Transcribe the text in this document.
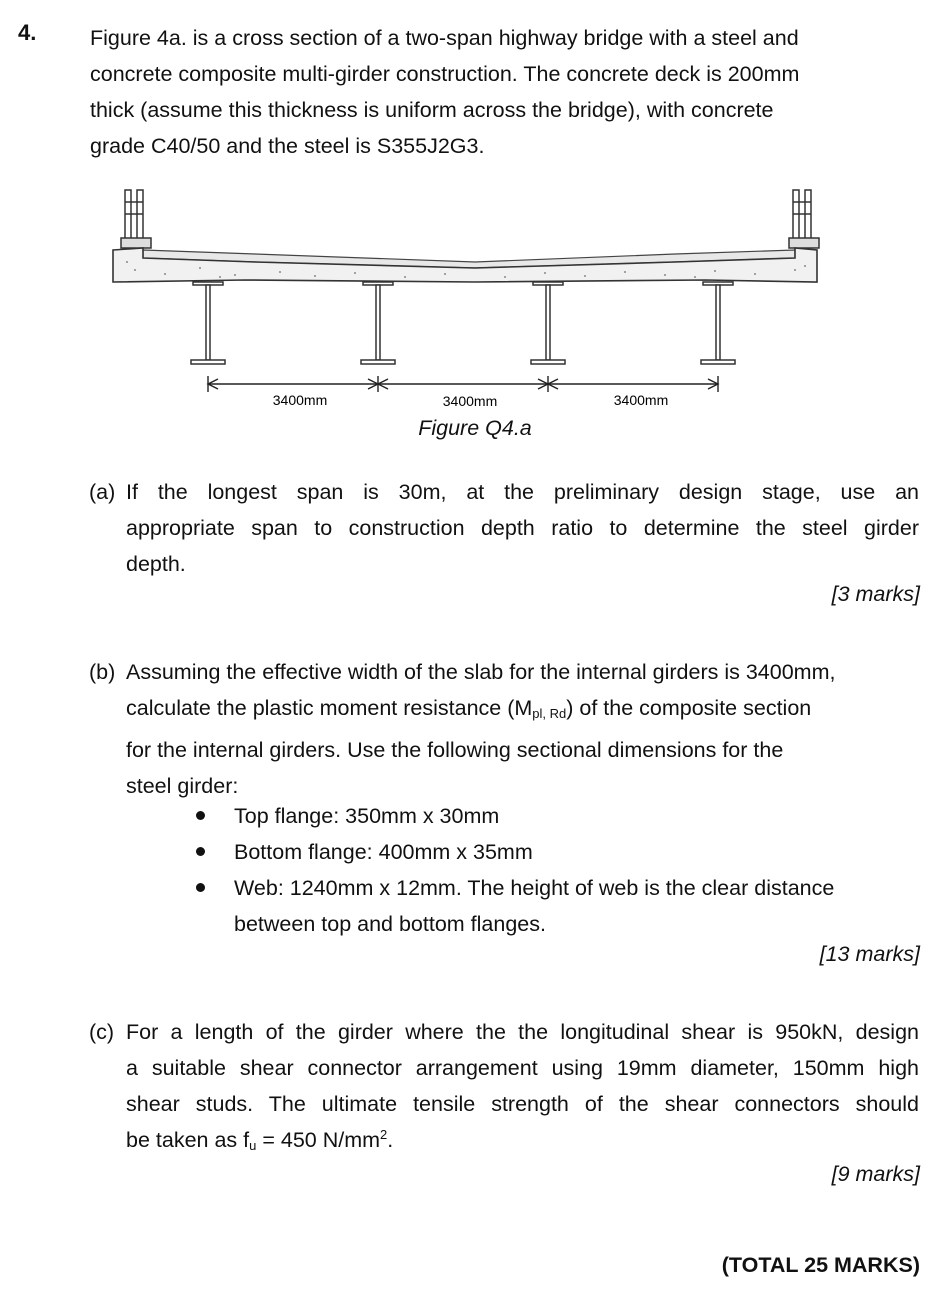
4. Figure 4a. is a cross section of a two-span highway bridge with a steel and

concrete composite multi-girder construction. The concrete deck is 200mm

thick (assume this thickness is uniform across the bridge), with concrete

grade C40/50 and the steel is S355J2G3.

3400mm	3400mm	3400mm
Figure Q4.a
(a) If the longest span is 30m, at the preliminary design stage, use an
appropriate span to construction depth ratio to determine the steel girder
depth.
[3 marks]
(b) Assuming the effective width of the slab for the internal girders is 3400mm,
calculate the plastic moment resistance $(M_{pl, Rd})$ of the composite section
for the internal girders. Use the following sectional dimensions for the
steel girder:
Top flange: 350mm x 30mm
Bottom flange: 400mm x 35mm
Web: 1240mm x 12mm. The height of web is the clear distance
between top and bottom flanges.
[13 marks]
(c) For a length of the girder where the the longitudinal shear is 950kN, design
a suitable shear connector arrangement using 19mm diameter, 150mm high
shear studs. The ultimate tensile strength of the shear connectors should
be taken as $f_u = 450$ $N/mm^2$.
[9 marks]
(TOTAL 25 MARKS)
